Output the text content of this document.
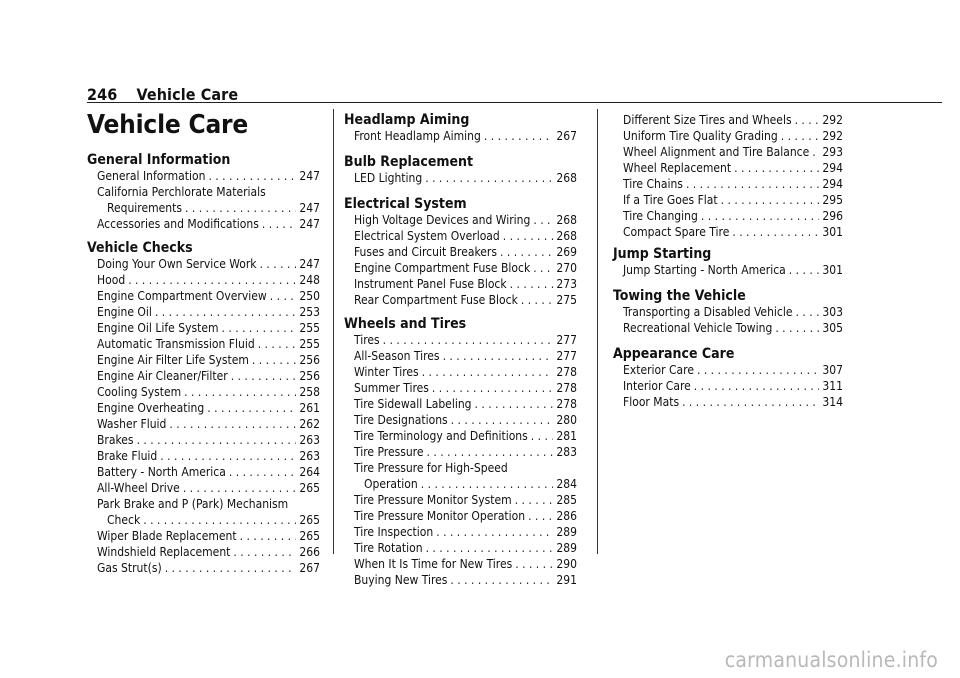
246 Vehicle Care
Vehicle Care
General Information
General Information . . .	247
California Perchlorate Materials
Requirements . . .	247
Accessories and Modifications . . .	247
Vehicle Checks
Doing Your Own Service Work . . .	247
Hood . . .	248
Engine Compartment Overview . . .	250
Engine Oil . . .	253
Engine Oil Life System . . .	255
Automatic Transmission Fluid . . .	255
Engine Air Filter Life System . . .	256
Engine Air Cleaner/Filter . . .	256
Cooling System . . .	258
Engine Overheating . . .	261
Washer Fluid . . .	262
Brakes . . .	263
Brake Fluid . . .	263
Battery - North America . . .	264
All-Wheel Drive . . .	265
Park Brake and P (Park) Mechanism
Check . . .	265
Wiper Blade Replacement . . .	265
Windshield Replacement . . .	266
Gas Strut(s) . . .	267
Headlamp Aiming
Front Headlamp Aiming . . .	267
Bulb Replacement
LED Lighting . . .	268
Electrical System
High Voltage Devices and Wiring . . . 268
Electrical System Overload . . .	268
Fuses and Circuit Breakers . . .	269
Engine Compartment Fuse Block . . . 270
Instrument Panel Fuse Block . . .	273
Rear Compartment Fuse Block . . .	275
Wheels and Tires
Tires . . .	277
All-Season Tires . . .	277
Winter Tires . . .	278
Summer Tires . . .	278
Tire Sidewall Labeling . . .	278
Tire Designations . . .	280
Tire Terminology and Definitions . . . 281
Tire Pressure . . .	283
Tire Pressure for High-Speed
Operation . . .	284
Tire Pressure Monitor System . . .	285
Tire Pressure Monitor Operation . . .	286
Tire Inspection . . .	289
Tire Rotation . . .	289
When It Is Time for New Tires . . .	290
Buying New Tires . . .	291
Different Size Tires and Wheels . . .	292
Uniform Tire Quality Grading . . .	292
Wheel Alignment and Tire Balance . . . 293
Wheel Replacement . . .	294
Tire Chains . . .	294
If a Tire Goes Flat . . .	295
Tire Changing . . .	296
Compact Spare Tire . . .	301
Jump Starting
Jump Starting - North America . . .	301
Towing the Vehicle
Transporting a Disabled Vehicle . . . 303
Recreational Vehicle Towing . . .	305
Appearance Care
Exterior Care . . .	307
Interior Care . . .	311
Floor Mats . . .	314
carmanualsonline.info
